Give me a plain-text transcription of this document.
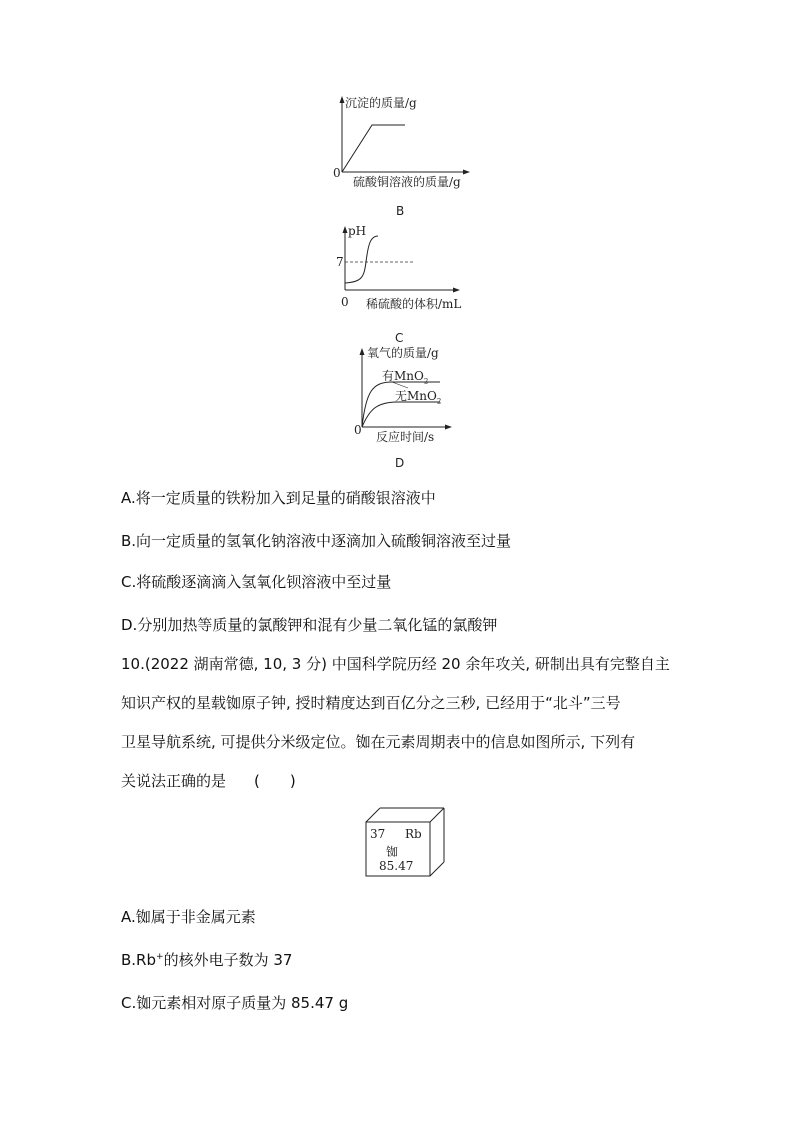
沉淀的质量/g
0
硫酸铜溶液的质量/g
B
pH
7
0 稀硫酸的体积/mL
C
氧气的质量/g
有MnO$_2$
无MnO$_2$
0 反应时间/s
D
A.将一定质量的铁粉加入到足量的硝酸银溶液中
B.向一定质量的氢氧化钠溶液中逐滴加入硫酸铜溶液至过量
C.将硫酸逐滴滴入氢氧化钡溶液中至过量
D.分别加热等质量的氯酸钾和混有少量二氧化锰的氯酸钾
10.(2022 湖南常德, 10, 3 分) 中国科学院历经 20 余年攻关, 研制出具有完整自主
知识产权的星载铷原子钟, 授时精度达到百亿分之三秒, 已经用于“北斗”三号
卫星导航系统, 可提供分米级定位。铷在元素周期表中的信息如图所示, 下列有
关说法正确的是 (　　)
37 Rb
铷
85.47
A.铷属于非金属元素
B.Rb+的核外电子数为 37
C.铷元素相对原子质量为 85.47 g
